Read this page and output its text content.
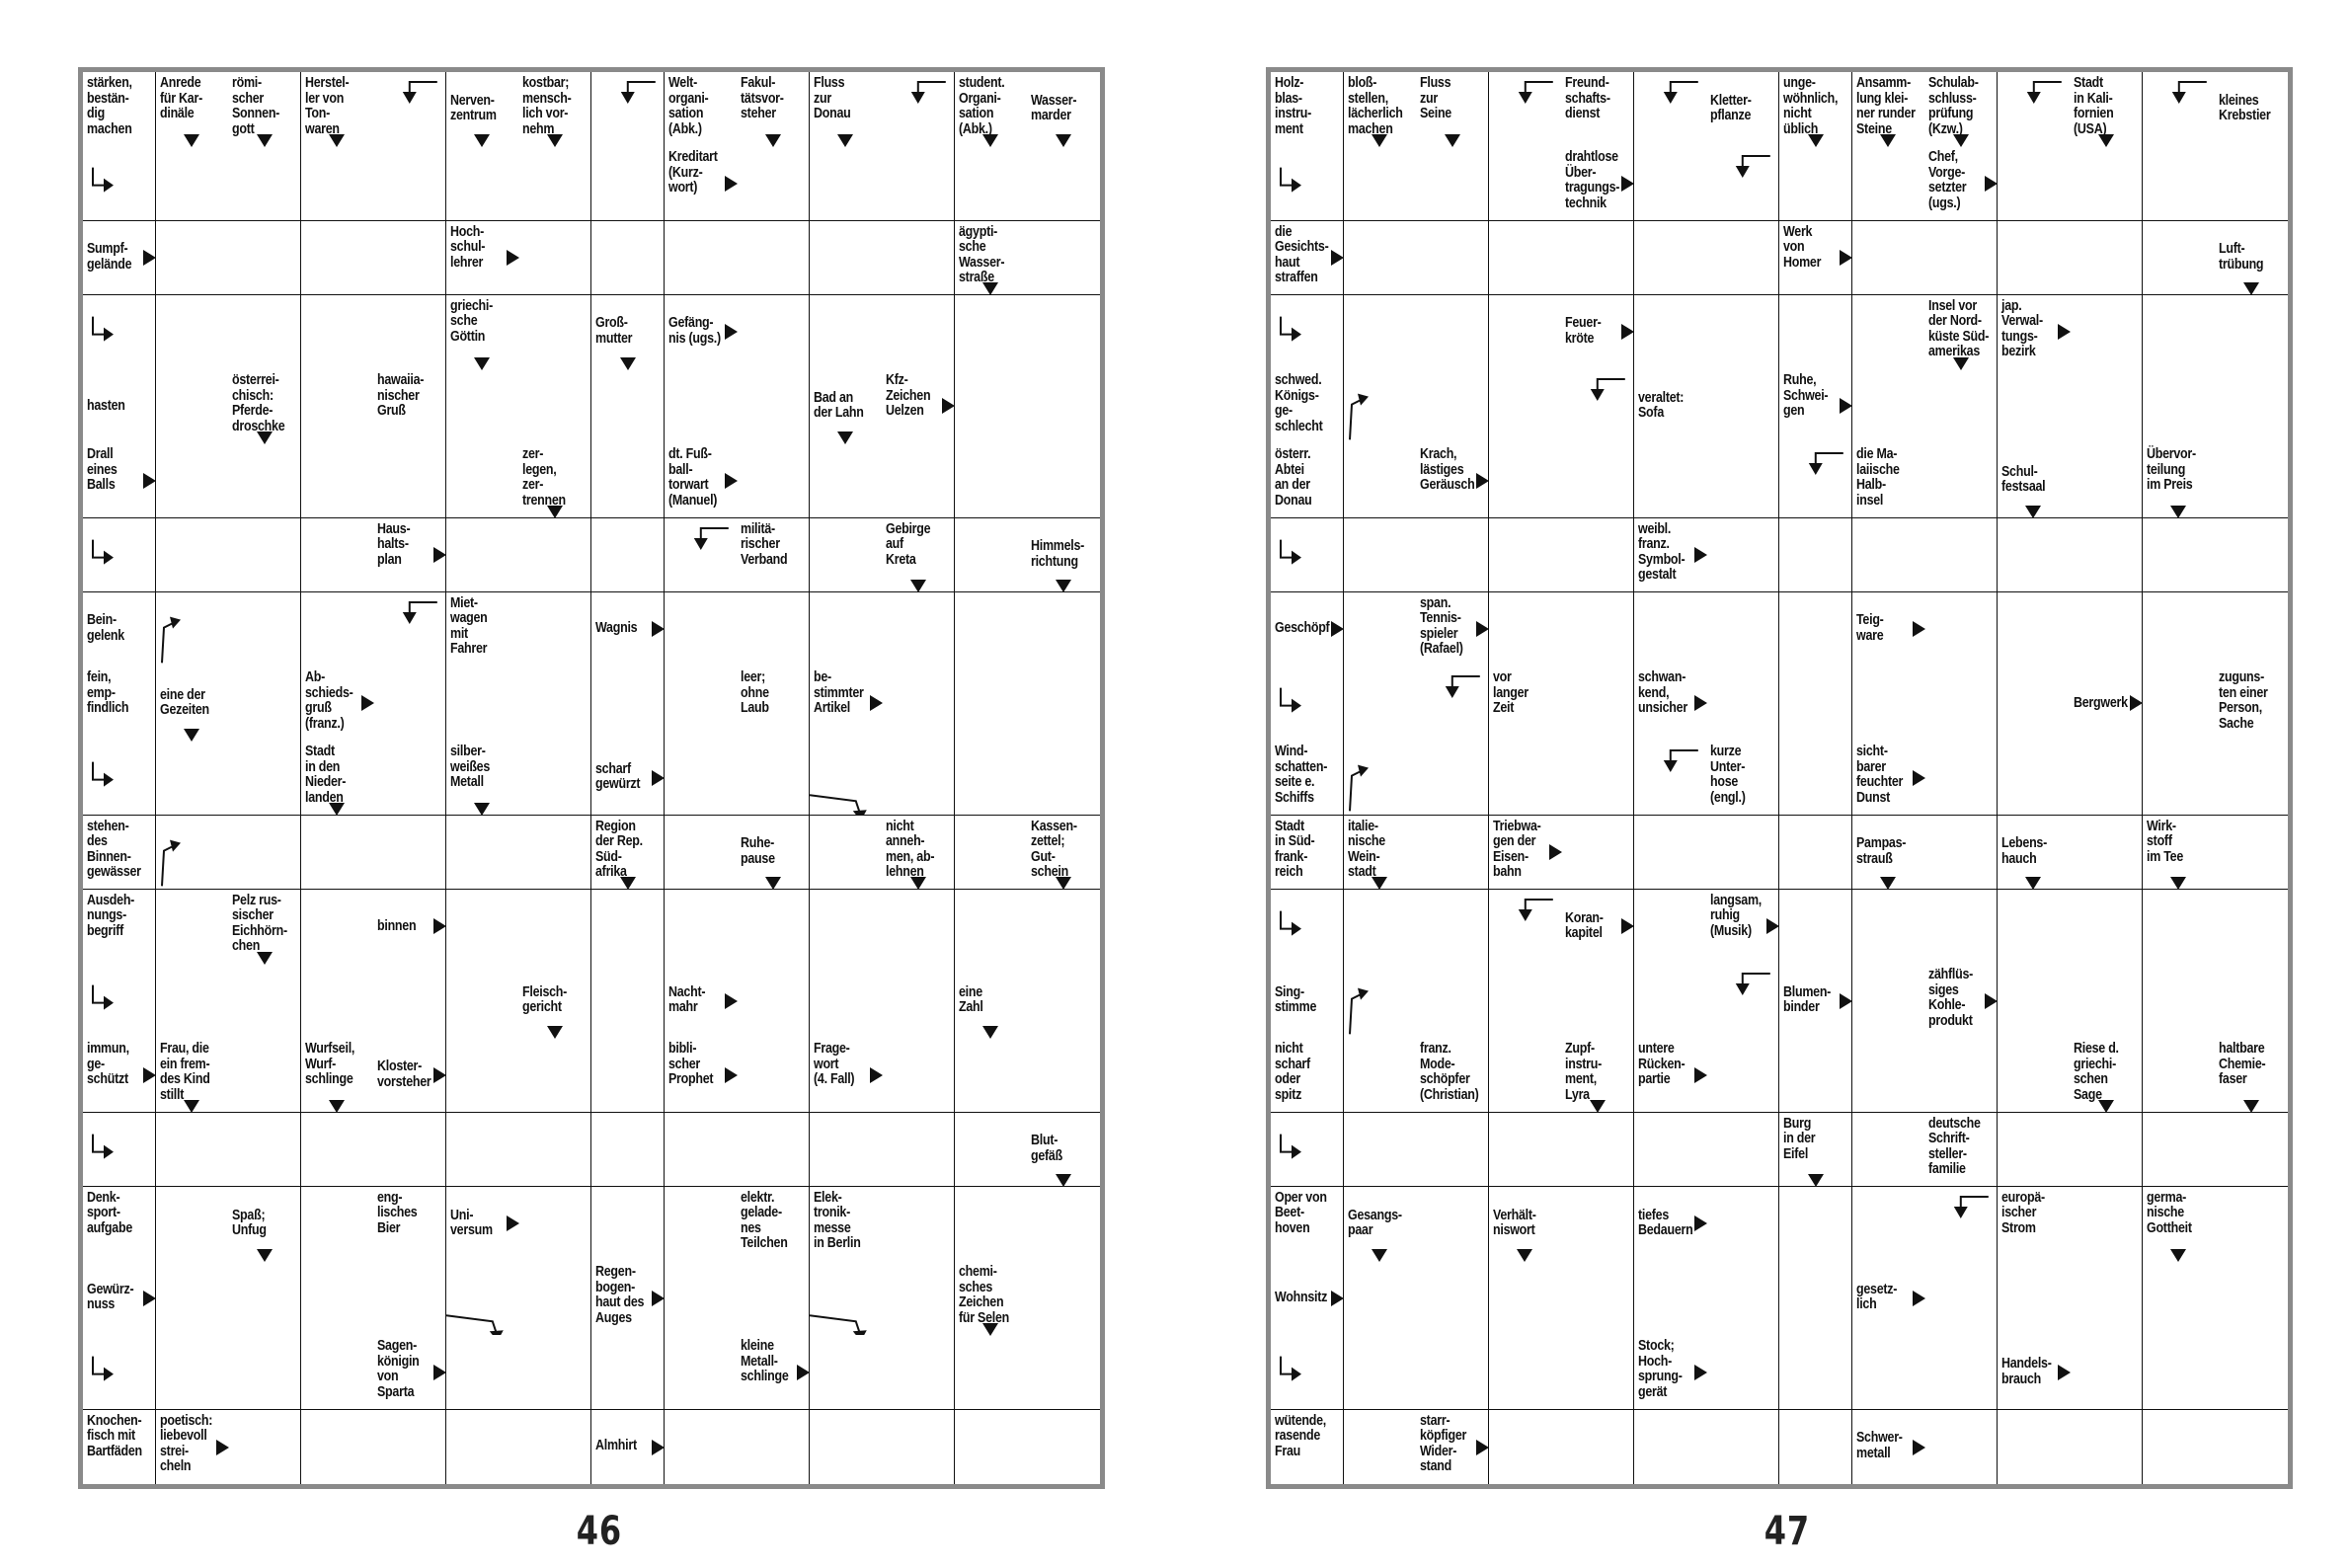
stärken,
bestän-
dig
machen
Anrede
für Kar-
dinäle
römi-
scher
Sonnen-
gott
Herstel-
ler von
Ton-
waren
Nerven-
zentrum
kostbar;
mensch-
lich vor-
nehm
Welt-
organi-
sation
(Abk.)
Fakul-
tätsvor-
steher
Fluss
zur
Donau
student.
Organi-
sation
(Abk.)
Wasser-
marder
Kreditart
(Kurz-
wort)
Sumpf-
gelände
Hoch-
schul-
lehrer
ägypti-
sche
Wasser-
straße
griechi-
sche
Göttin
Groß-
mutter
Gefäng-
nis (ugs.)
hasten
österrei-
chisch:
Pferde-
droschke
hawaiia-
nischer
Gruß
Bad an
der Lahn
Kfz-
Zeichen
Uelzen
Drall
eines
Balls
zer-
legen,
zer-
trennen
dt. Fuß-
ball-
torwart
(Manuel)
Haus-
halts-
plan
militä-
rischer
Verband
Gebirge
auf
Kreta
Himmels-
richtung
Bein-
gelenk
Miet-
wagen
mit
Fahrer
Wagnis
fein,
emp-
findlich
eine der
Gezeiten
Ab-
schieds-
gruß
(franz.)
leer;
ohne
Laub
be-
stimmter
Artikel
Stadt
in den
Nieder-
landen
silber-
weißes
Metall
scharf
gewürzt
stehen-
des
Binnen-
gewässer
Region
der Rep.
Süd-
afrika
Ruhe-
pause
nicht
anneh-
men, ab-
lehnen
Kassen-
zettel;
Gut-
schein
Ausdeh-
nungs-
begriff
Pelz rus-
sischer
Eichhörn-
chen
binnen
Fleisch-
gericht
Nacht-
mahr
eine
Zahl
immun,
ge-
schützt
Frau, die
ein frem-
des Kind
stillt
Wurfseil,
Wurf-
schlinge
Kloster-
vorsteher
bibli-
scher
Prophet
Frage-
wort
(4. Fall)
Blut-
gefäß
Denk-
sport-
aufgabe
Spaß;
Unfug
eng-
lisches
Bier
Uni-
versum
elektr.
gelade-
nes
Teilchen
Elek-
tronik-
messe
in Berlin
Gewürz-
nuss
Regen-
bogen-
haut des
Auges
chemi-
sches
Zeichen
für Selen
Sagen-
königin
von
Sparta
kleine
Metall-
schlinge
Knochen-
fisch mit
Bartfäden
poetisch:
liebevoll
strei-
cheln
Almhirt
46
Holz-
blas-
instru-
ment
bloß-
stellen,
lächerlich
machen
Fluss
zur
Seine
Freund-
schafts-
dienst
Kletter-
pflanze
unge-
wöhnlich,
nicht
üblich
Ansamm-
lung klei-
ner runder
Steine
Schulab-
schluss-
prüfung
(Kzw.)
Stadt
in Kali-
fornien
(USA)
kleines
Krebstier
drahtlose
Über-
tragungs-
technik
Chef,
Vorge-
setzter
(ugs.)
die
Gesichts-
haut
straffen
Werk
von
Homer
Luft-
trübung
Feuer-
kröte
Insel vor
der Nord-
küste Süd-
amerikas
jap.
Verwal-
tungs-
bezirk
schwed.
Königs-
ge-
schlecht
veraltet:
Sofa
Ruhe,
Schwei-
gen
österr.
Abtei
an der
Donau
Krach,
lästiges
Geräusch
die Ma-
laiische
Halb-
insel
Schul-
festsaal
Übervor-
teilung
im Preis
weibl.
franz.
Symbol-
gestalt
Geschöpf
span.
Tennis-
spieler
(Rafael)
Teig-
ware
vor
langer
Zeit
schwan-
kend,
unsicher	Bergwerk
zuguns-
ten einer
Person,
Sache
Wind-
schatten-
seite e.
Schiffs
kurze
Unter-
hose
(engl.)
sicht-
barer
feuchter
Dunst
Stadt
in Süd-
frank-
reich
italie-
nische
Wein-
stadt
Triebwa-
gen der
Eisen-
bahn
Pampas-
strauß
Lebens-
hauch
Wirk-
stoff
im Tee
Koran-
kapitel
langsam,
ruhig
(Musik)
Sing-
stimme
Blumen-
binder
zähflüs-
siges
Kohle-
produkt
nicht
scharf
oder
spitz
franz.
Mode-
schöpfer
(Christian)
Zupf-
instru-
ment,
Lyra
untere
Rücken-
partie
Riese d.
griechi-
schen
Sage
haltbare
Chemie-
faser
Burg
in der
Eifel
deutsche
Schrift-
steller-
familie
Oper von
Beet-
hoven
Gesangs-
paar
Verhält-
niswort
tiefes
Bedauern
europä-
ischer
Strom
germa-
nische
Gottheit
Wohnsitz	gesetz-
lich
Stock;
Hoch-
sprung-
gerät
Handels-
brauch
wütende,
rasende
Frau
starr-
köpfiger
Wider-
stand
Schwer-
metall
47
